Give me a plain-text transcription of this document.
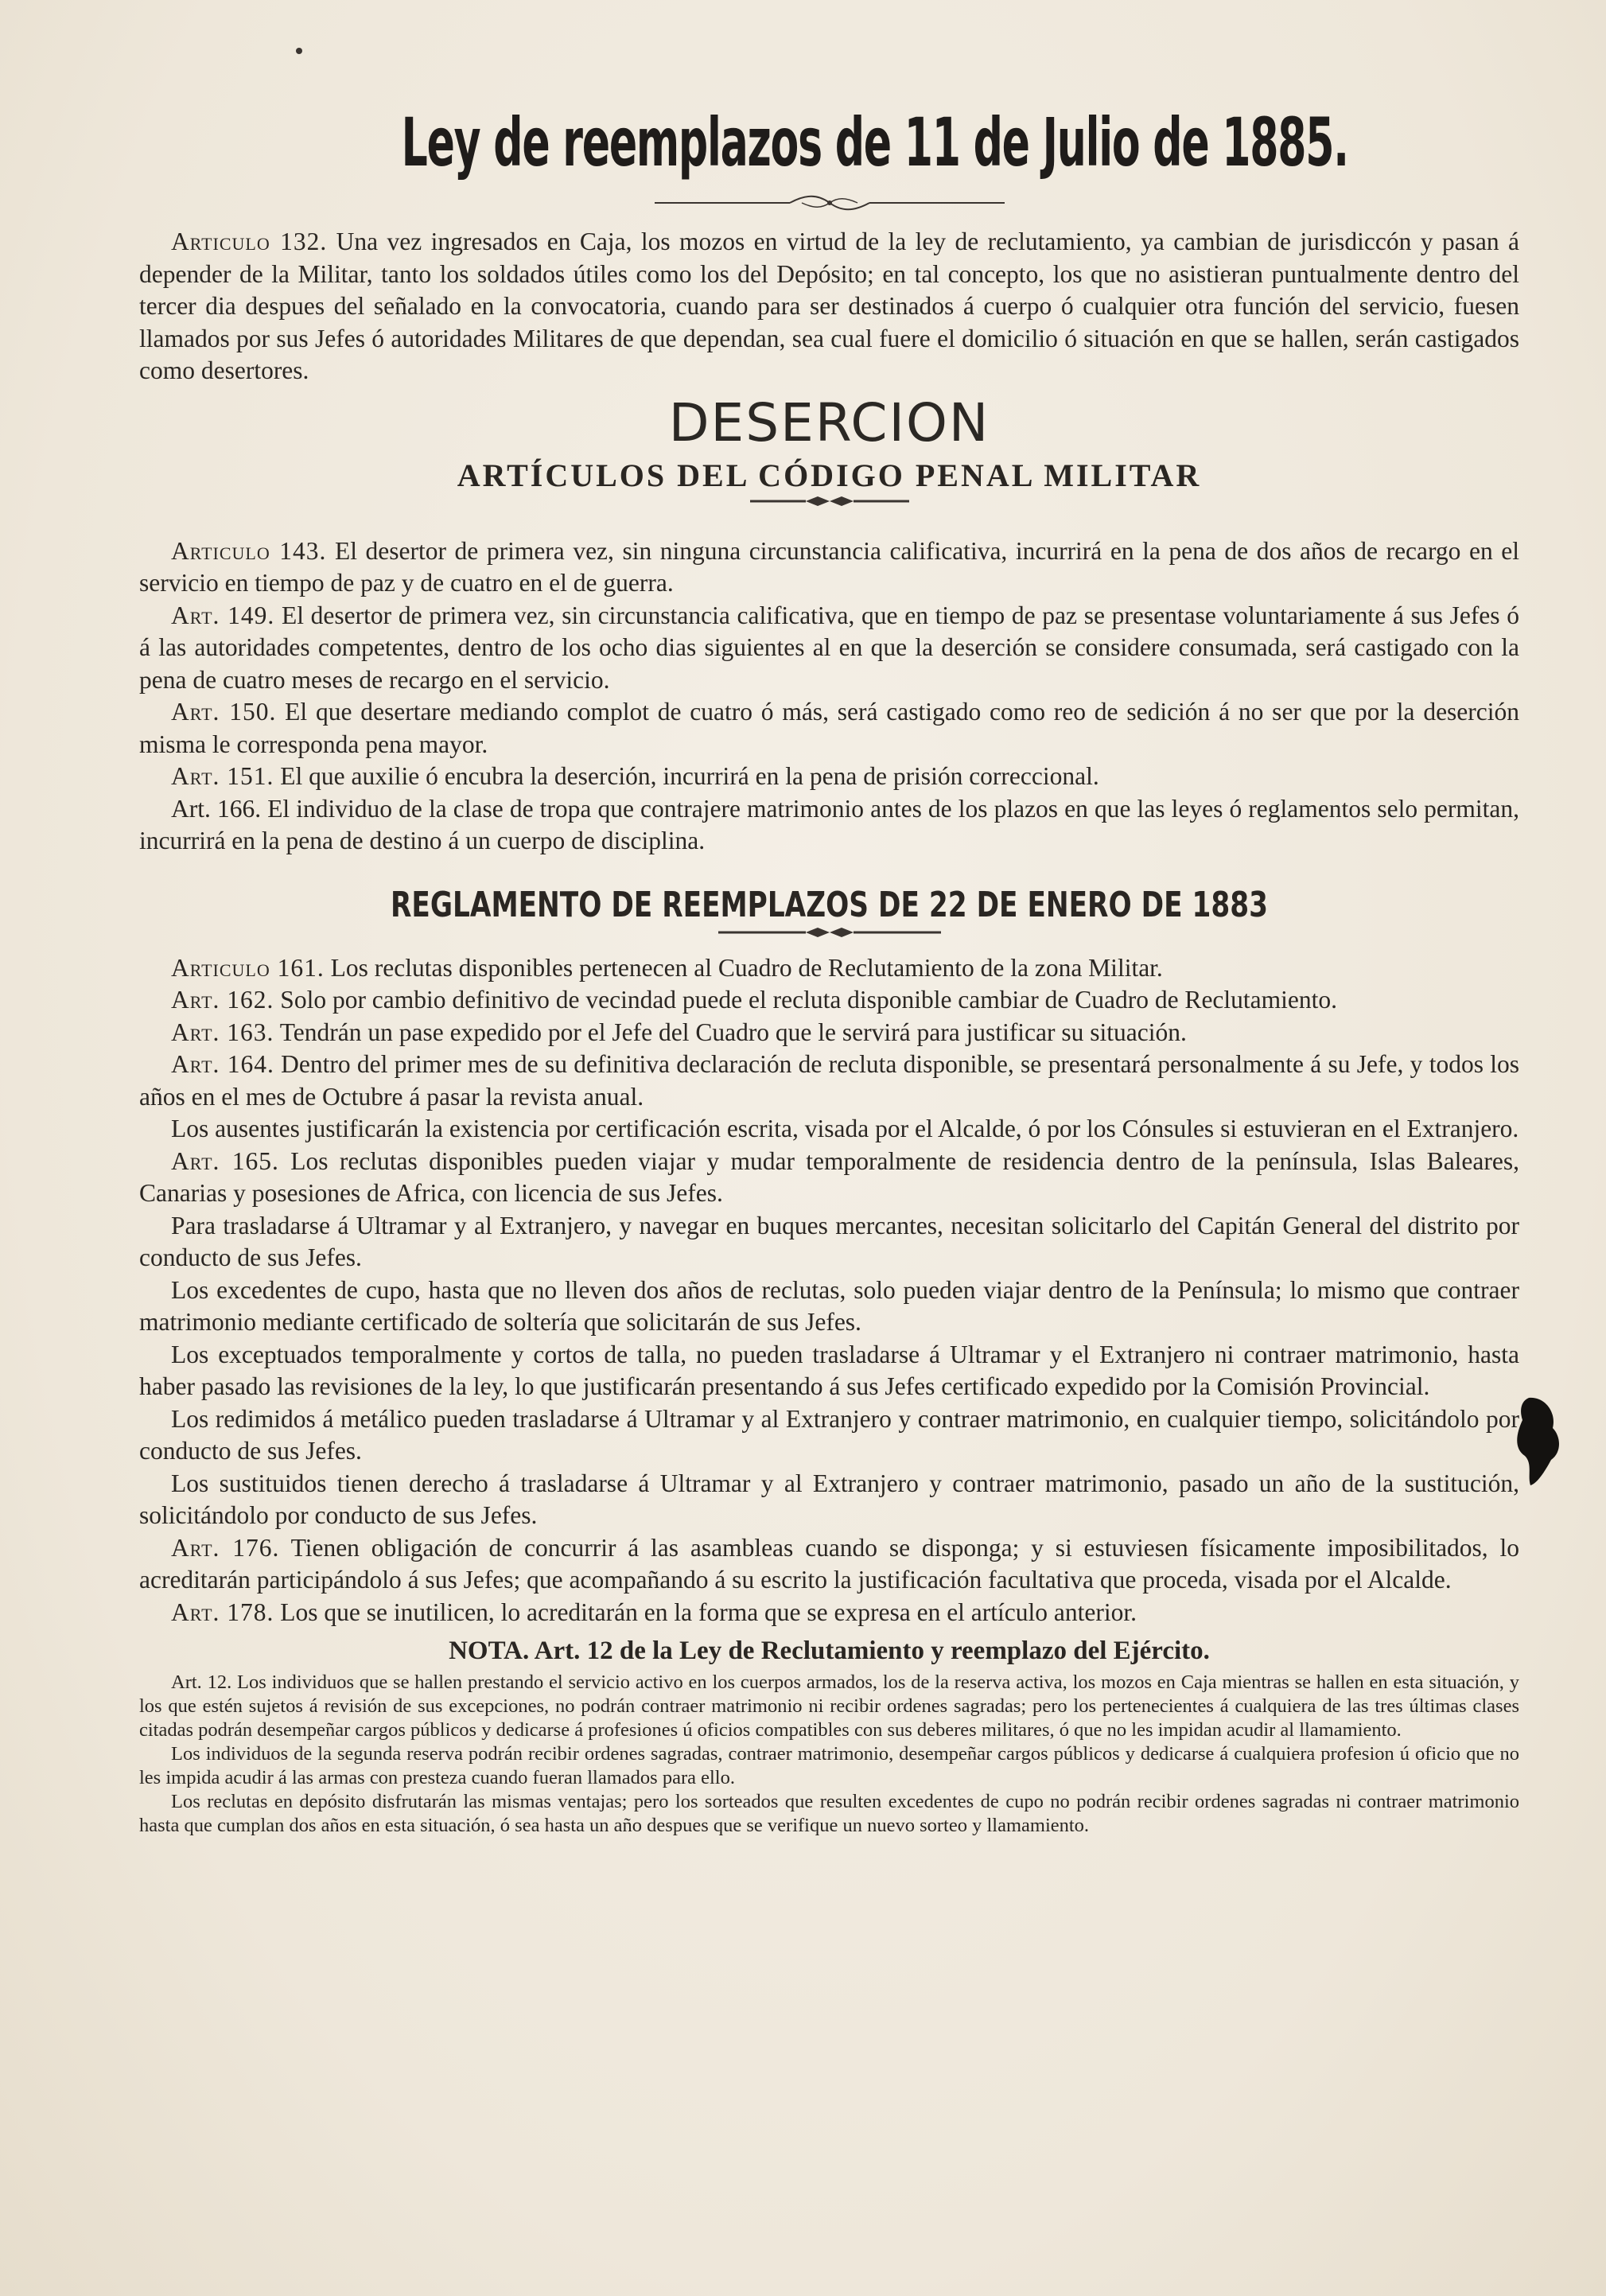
Ley de reemplazos de 11 de Julio de 1885.

Articulo 132. Una vez ingresados en Caja, los mozos en virtud de la ley de reclutamiento, ya cambian de jurisdiccón y pasan á depender de la Militar, tanto los soldados útiles como los del Depósito; en tal concepto, los que no asistieran puntualmente dentro del tercer dia despues del señalado en la convocatoria, cuando para ser destinados á cuerpo ó cualquier otra función del servicio, fuesen llamados por sus Jefes ó autoridades Militares de que dependan, sea cual fuere el domicilio ó situación en que se hallen, serán castigados como desertores.

DESERCION
ARTÍCULOS DEL CÓDIGO PENAL MILITAR

Articulo 143. El desertor de primera vez, sin ninguna circunstancia calificativa, incurrirá en la pena de dos años de recargo en el servicio en tiempo de paz y de cuatro en el de guerra.

Art. 149. El desertor de primera vez, sin circunstancia calificativa, que en tiempo de paz se presentase voluntariamente á sus Jefes ó á las autoridades competentes, dentro de los ocho dias siguientes al en que la deserción se considere consumada, será castigado con la pena de cuatro meses de recargo en el servicio.

Art. 150. El que desertare mediando complot de cuatro ó más, será castigado como reo de sedición á no ser que por la deserción misma le corresponda pena mayor.

Art. 151. El que auxilie ó encubra la deserción, incurrirá en la pena de prisión correccional.

Art. 166. El individuo de la clase de tropa que contrajere matrimonio antes de los plazos en que las leyes ó reglamentos selo permitan, incurrirá en la pena de destino á un cuerpo de disciplina.

REGLAMENTO DE REEMPLAZOS DE 22 DE ENERO DE 1883

Articulo 161. Los reclutas disponibles pertenecen al Cuadro de Reclutamiento de la zona Militar.

Art. 162. Solo por cambio definitivo de vecindad puede el recluta disponible cambiar de Cuadro de Reclutamiento.

Art. 163. Tendrán un pase expedido por el Jefe del Cuadro que le servirá para justificar su situación.

Art. 164. Dentro del primer mes de su definitiva declaración de recluta disponible, se presentará personalmente á su Jefe, y todos los años en el mes de Octubre á pasar la revista anual.

Los ausentes justificarán la existencia por certificación escrita, visada por el Alcalde, ó por los Cónsules si estuvieran en el Extranjero.

Art. 165. Los reclutas disponibles pueden viajar y mudar temporalmente de residencia dentro de la península, Islas Baleares, Canarias y posesiones de Africa, con licencia de sus Jefes.

Para trasladarse á Ultramar y al Extranjero, y navegar en buques mercantes, necesitan solicitarlo del Capitán General del distrito por conducto de sus Jefes.

Los excedentes de cupo, hasta que no lleven dos años de reclutas, solo pueden viajar dentro de la Península; lo mismo que contraer matrimonio mediante certificado de soltería que solicitarán de sus Jefes.

Los exceptuados temporalmente y cortos de talla, no pueden trasladarse á Ultramar y el Extranjero ni contraer matrimonio, hasta haber pasado las revisiones de la ley, lo que justificarán presentando á sus Jefes certificado expedido por la Comisión Provincial.

Los redimidos á metálico pueden trasladarse á Ultramar y al Extranjero y contraer matrimonio, en cualquier tiempo, solicitándolo por conducto de sus Jefes.

Los sustituidos tienen derecho á trasladarse á Ultramar y al Extranjero y contraer matrimonio, pasado un año de la sustitución, solicitándolo por conducto de sus Jefes.

Art. 176. Tienen obligación de concurrir á las asambleas cuando se disponga; y si estuviesen físicamente imposibilitados, lo acreditarán participándolo á sus Jefes; que acompañando á su escrito la justificación facultativa que proceda, visada por el Alcalde.

Art. 178. Los que se inutilicen, lo acreditarán en la forma que se expresa en el artículo anterior.

NOTA. Art. 12 de la Ley de Reclutamiento y reemplazo del Ejército.

Art. 12. Los individuos que se hallen prestando el servicio activo en los cuerpos armados, los de la reserva activa, los mozos en Caja mientras se hallen en esta situación, y los que estén sujetos á revisión de sus excepciones, no podrán contraer matrimonio ni recibir ordenes sagradas; pero los pertenecientes á cualquiera de las tres últimas clases citadas podrán desempeñar cargos públicos y dedicarse á profesiones ú oficios compatibles con sus deberes militares, ó que no les impidan acudir al llamamiento.

Los individuos de la segunda reserva podrán recibir ordenes sagradas, contraer matrimonio, desempeñar cargos públicos y dedicarse á cualquiera profesion ú oficio que no les impida acudir á las armas con presteza cuando fueran llamados para ello.

Los reclutas en depósito disfrutarán las mismas ventajas; pero los sorteados que resulten excedentes de cupo no podrán recibir ordenes sagradas ni contraer matrimonio hasta que cumplan dos años en esta situación, ó sea hasta un año despues que se verifique un nuevo sorteo y llamamiento.
